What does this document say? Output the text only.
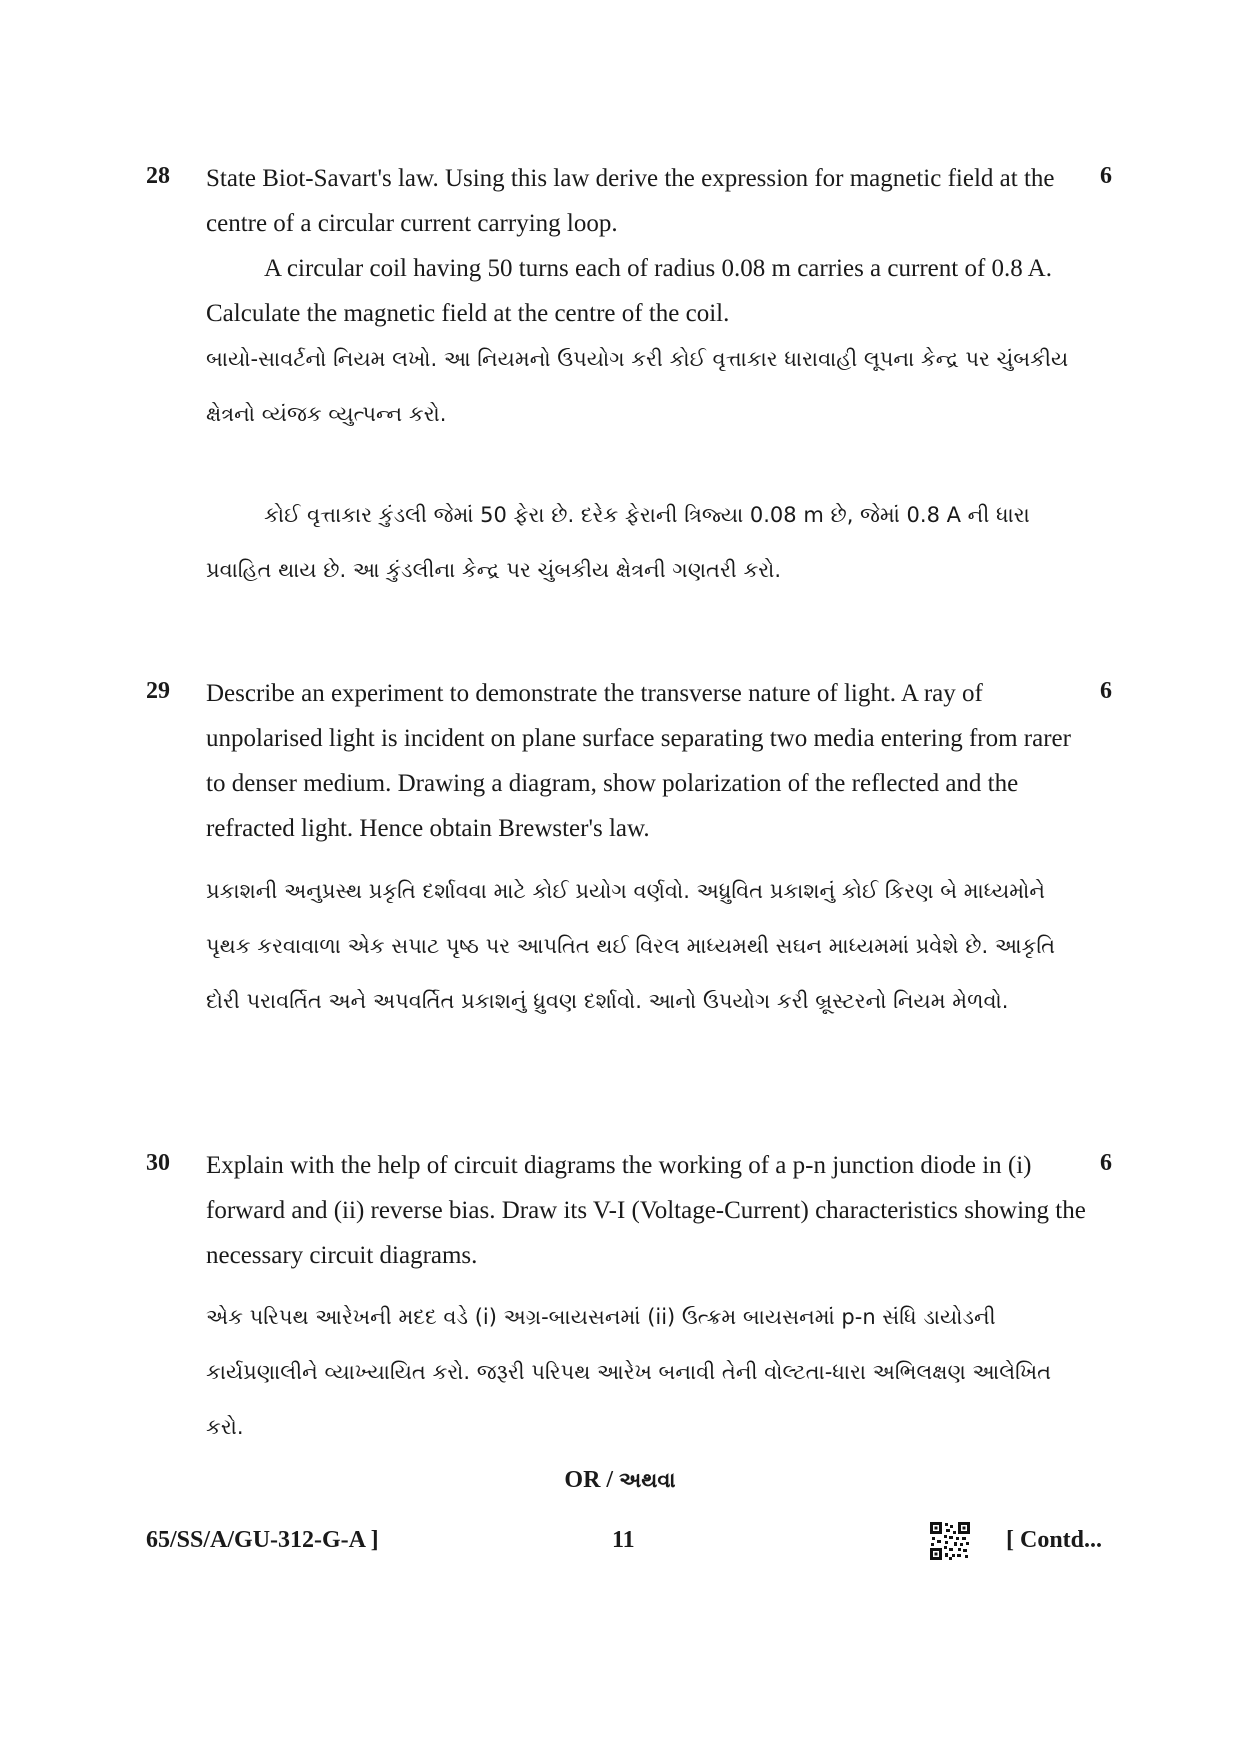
28	6

State Biot-Savart's law. Using this law derive the expression for magnetic field at the centre of a circular current carrying loop.
A circular coil having 50 turns each of radius 0.08 m carries a current of 0.8 A. Calculate the magnetic field at the centre of the coil.

બાયો-સાવર્ટનો નિયમ લખો. આ નિયમનો ઉપયોગ કરી કોઈ વૃત્તાકાર ધારાવાહી લૂપના કેન્દ્ર પર ચુંબકીય ક્ષેત્રનો વ્યંજક વ્યુત્પન્ન કરો.

કોઈ વૃત્તાકાર કુંડલી જેમાં 50 ફેરા છે. દરેક ફેરાની ત્રિજ્યા 0.08 m છે, જેમાં 0.8 A ની ધારા પ્રવાહિત થાય છે. આ કુંડલીના કેન્દ્ર પર ચુંબકીય ક્ષેત્રની ગણતરી કરો.

29	6

Describe an experiment to demonstrate the transverse nature of light. A ray of unpolarised light is incident on plane surface separating two media entering from rarer to denser medium. Drawing a diagram, show polarization of the reflected and the refracted light. Hence obtain Brewster's law.

પ્રકાશની અનુપ્રસ્થ પ્રકૃતિ દર્શાવવા માટે કોઈ પ્રયોગ વર્ણવો. અધ્રુવિત પ્રકાશનું કોઈ કિરણ બે માધ્યમોને પૃથક કરવાવાળા એક સપાટ પૃષ્ઠ પર આપતિત થઈ વિરલ માધ્યમથી સઘન માધ્યમમાં પ્રવેશે છે. આકૃતિ દોરી પરાવર્તિત અને અપવર્તિત પ્રકાશનું ધ્રુવણ દર્શાવો. આનો ઉપયોગ કરી બ્રૂસ્ટરનો નિયમ મેળવો.

30	6

Explain with the help of circuit diagrams the working of a p-n junction diode in (i) forward and (ii) reverse bias. Draw its V-I (Voltage-Current) characteristics showing the necessary circuit diagrams.

એક પરિપથ આરેખની મદદ વડે (i) અગ્ર-બાયસનમાં (ii) ઉત્ક્રમ બાયસનમાં p-n સંધિ ડાયોડની કાર્યપ્રણાલીને વ્યાખ્યાયિત કરો. જરૂરી પરિપથ આરેખ બનાવી તેની વોલ્ટતા-ધારા અભિલક્ષણ આલેખિત કરો.

OR / અથવા
65/SS/A/GU-312-G-A ]	11	[ Contd...
